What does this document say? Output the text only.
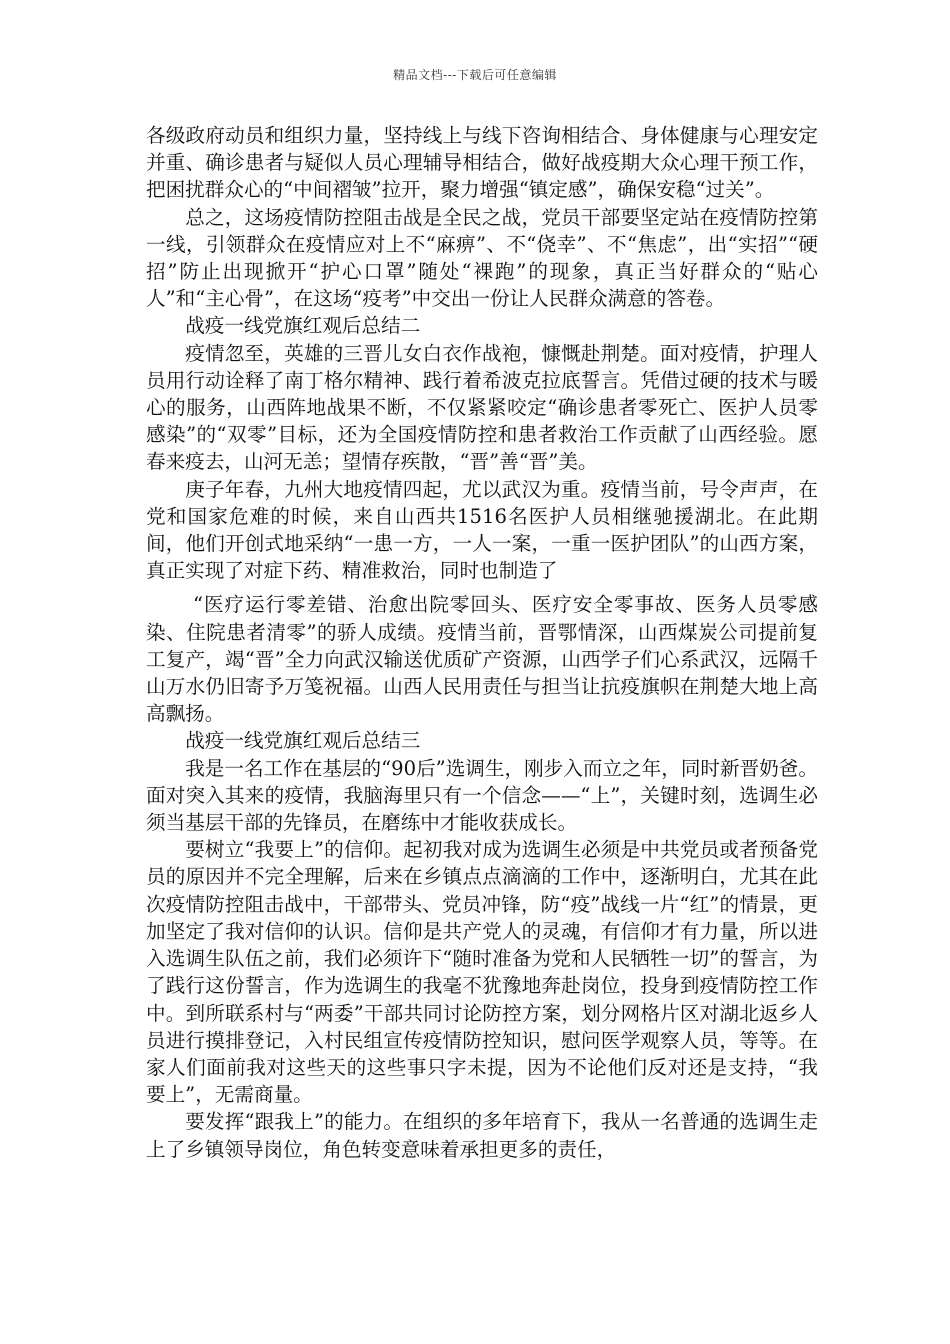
精品文档---下载后可任意编辑

各级政府动员和组织力量，坚持线上与线下咨询相结合、身体健康与心理安定并重、确诊患者与疑似人员心理辅导相结合，做好战疫期大众心理干预工作，把困扰群众心的“中间褶皱”拉开，聚力增强“镇定感”，确保安稳“过关”。

总之，这场疫情防控阻击战是全民之战，党员干部要坚定站在疫情防控第一线，引领群众在疫情应对上不“麻痹”、不“侥幸”、不“焦虑”，出“实招”“硬招”防止出现掀开“护心口罩”随处“裸跑”的现象，真正当好群众的“贴心人”和“主心骨”，在这场“疫考”中交出一份让人民群众满意的答卷。

战疫一线党旗红观后总结二

疫情忽至，英雄的三晋儿女白衣作战袍，慷慨赴荆楚。面对疫情，护理人员用行动诠释了南丁格尔精神、践行着希波克拉底誓言。凭借过硬的技术与暖心的服务，山西阵地战果不断，不仅紧紧咬定“确诊患者零死亡、医护人员零感染”的“双零”目标，还为全国疫情防控和患者救治工作贡献了山西经验。愿春来疫去，山河无恙；望情存疾散，“晋”善“晋”美。

庚子年春，九州大地疫情四起，尤以武汉为重。疫情当前，号令声声，在党和国家危难的时候，来自山西共1516名医护人员相继驰援湖北。在此期间，他们开创式地采纳“一患一方，一人一案，一重一医护团队”的山西方案，真正实现了对症下药、精准救治，同时也制造了

“医疗运行零差错、治愈出院零回头、医疗安全零事故、医务人员零感染、住院患者清零”的骄人成绩。疫情当前，晋鄂情深，山西煤炭公司提前复工复产，竭“晋”全力向武汉输送优质矿产资源，山西学子们心系武汉，远隔千山万水仍旧寄予万笺祝福。山西人民用责任与担当让抗疫旗帜在荆楚大地上高高飘扬。

战疫一线党旗红观后总结三

我是一名工作在基层的“90后”选调生，刚步入而立之年，同时新晋奶爸。面对突入其来的疫情，我脑海里只有一个信念——“上”，关键时刻，选调生必须当基层干部的先锋员，在磨练中才能收获成长。

要树立“我要上”的信仰。起初我对成为选调生必须是中共党员或者预备党员的原因并不完全理解，后来在乡镇点点滴滴的工作中，逐渐明白，尤其在此次疫情防控阻击战中，干部带头、党员冲锋，防“疫”战线一片“红”的情景，更加坚定了我对信仰的认识。信仰是共产党人的灵魂，有信仰才有力量，所以进入选调生队伍之前，我们必须许下“随时准备为党和人民牺牲一切”的誓言，为了践行这份誓言，作为选调生的我毫不犹豫地奔赴岗位，投身到疫情防控工作中。到所联系村与“两委”干部共同讨论防控方案，划分网格片区对湖北返乡人员进行摸排登记，入村民组宣传疫情防控知识，慰问医学观察人员，等等。在家人们面前我对这些天的这些事只字未提，因为不论他们反对还是支持，“我要上”，无需商量。

要发挥“跟我上”的能力。在组织的多年培育下，我从一名普通的选调生走上了乡镇领导岗位，角色转变意味着承担更多的责任，
